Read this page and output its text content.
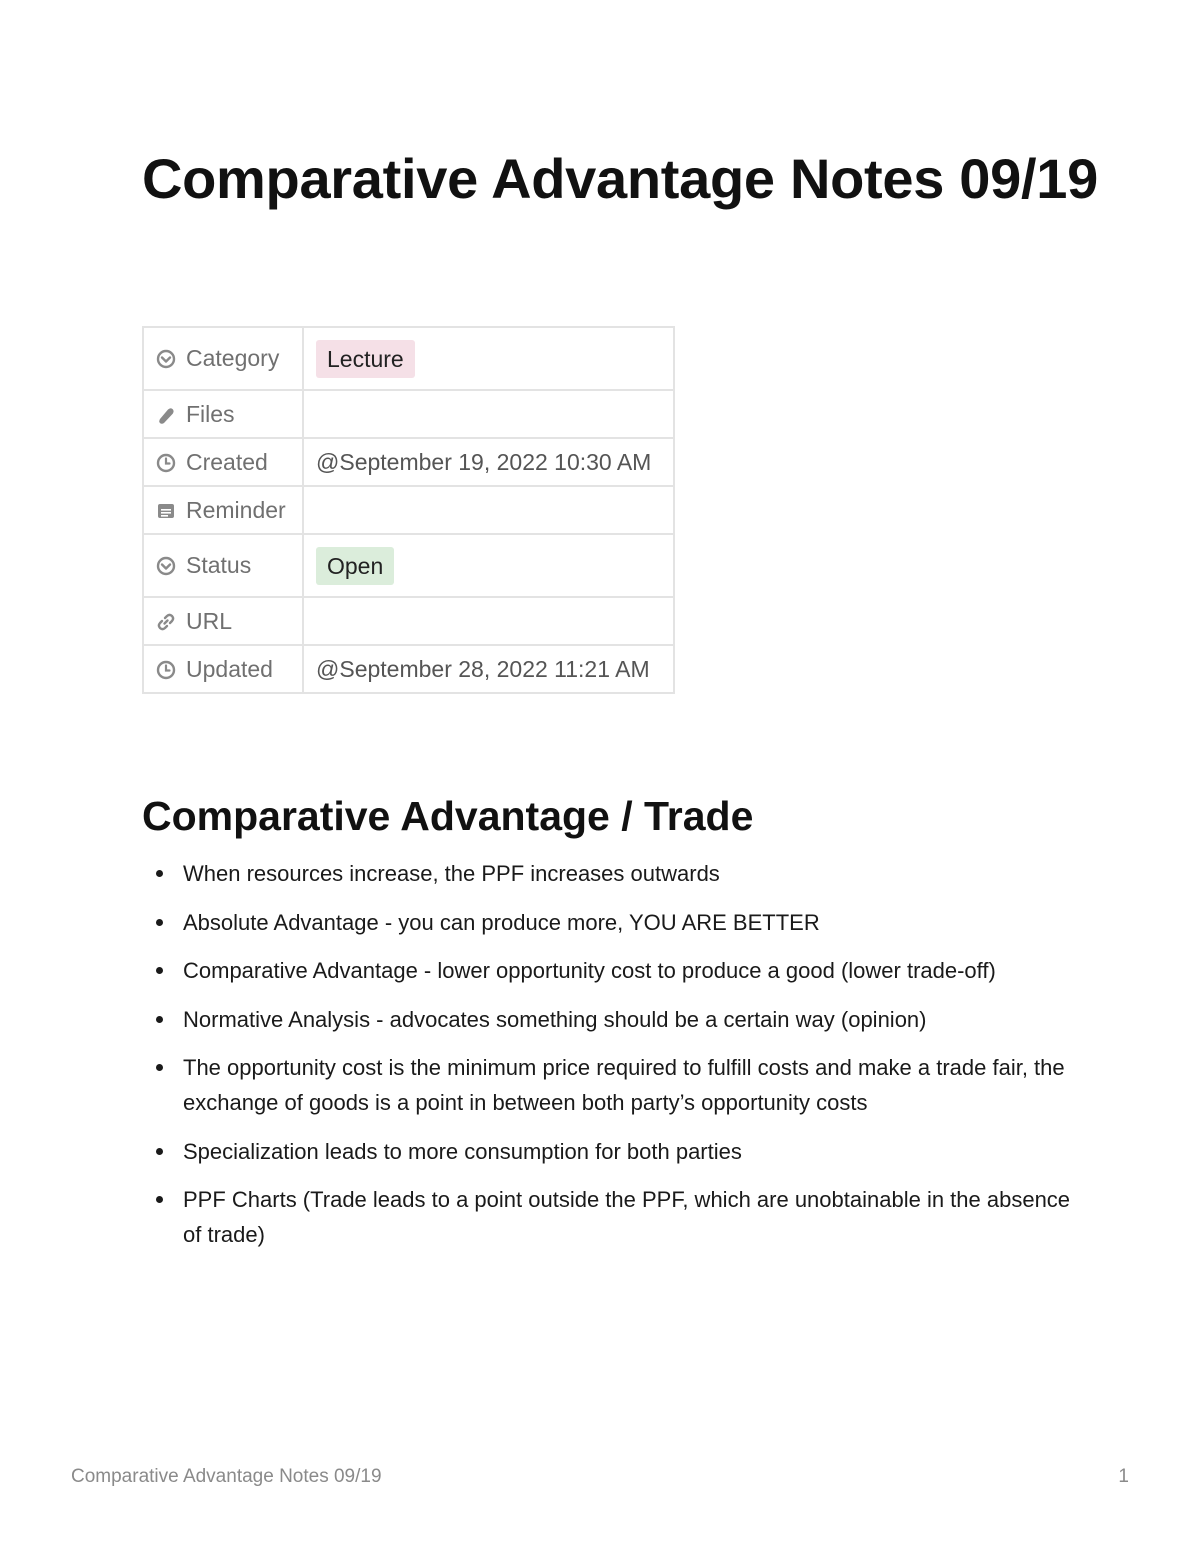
Comparative Advantage Notes 09/19
Category	Lecture

Files	

Created	@September 19, 2022 10:30 AM

Reminder	

Status	Open

URL	

Updated	@September 28, 2022 11:21 AM
Comparative Advantage / Trade
When resources increase, the PPF increases outwards
Absolute Advantage - you can produce more, YOU ARE BETTER
Comparative Advantage - lower opportunity cost to produce a good (lower trade-off)
Normative Analysis - advocates something should be a certain way (opinion)
The opportunity cost is the minimum price required to fulfill costs and make a trade fair, the exchange of goods is a point in between both party’s opportunity costs
Specialization leads to more consumption for both parties
PPF Charts (Trade leads to a point outside the PPF, which are unobtainable in the absence of trade)
Comparative Advantage Notes 09/19	1
